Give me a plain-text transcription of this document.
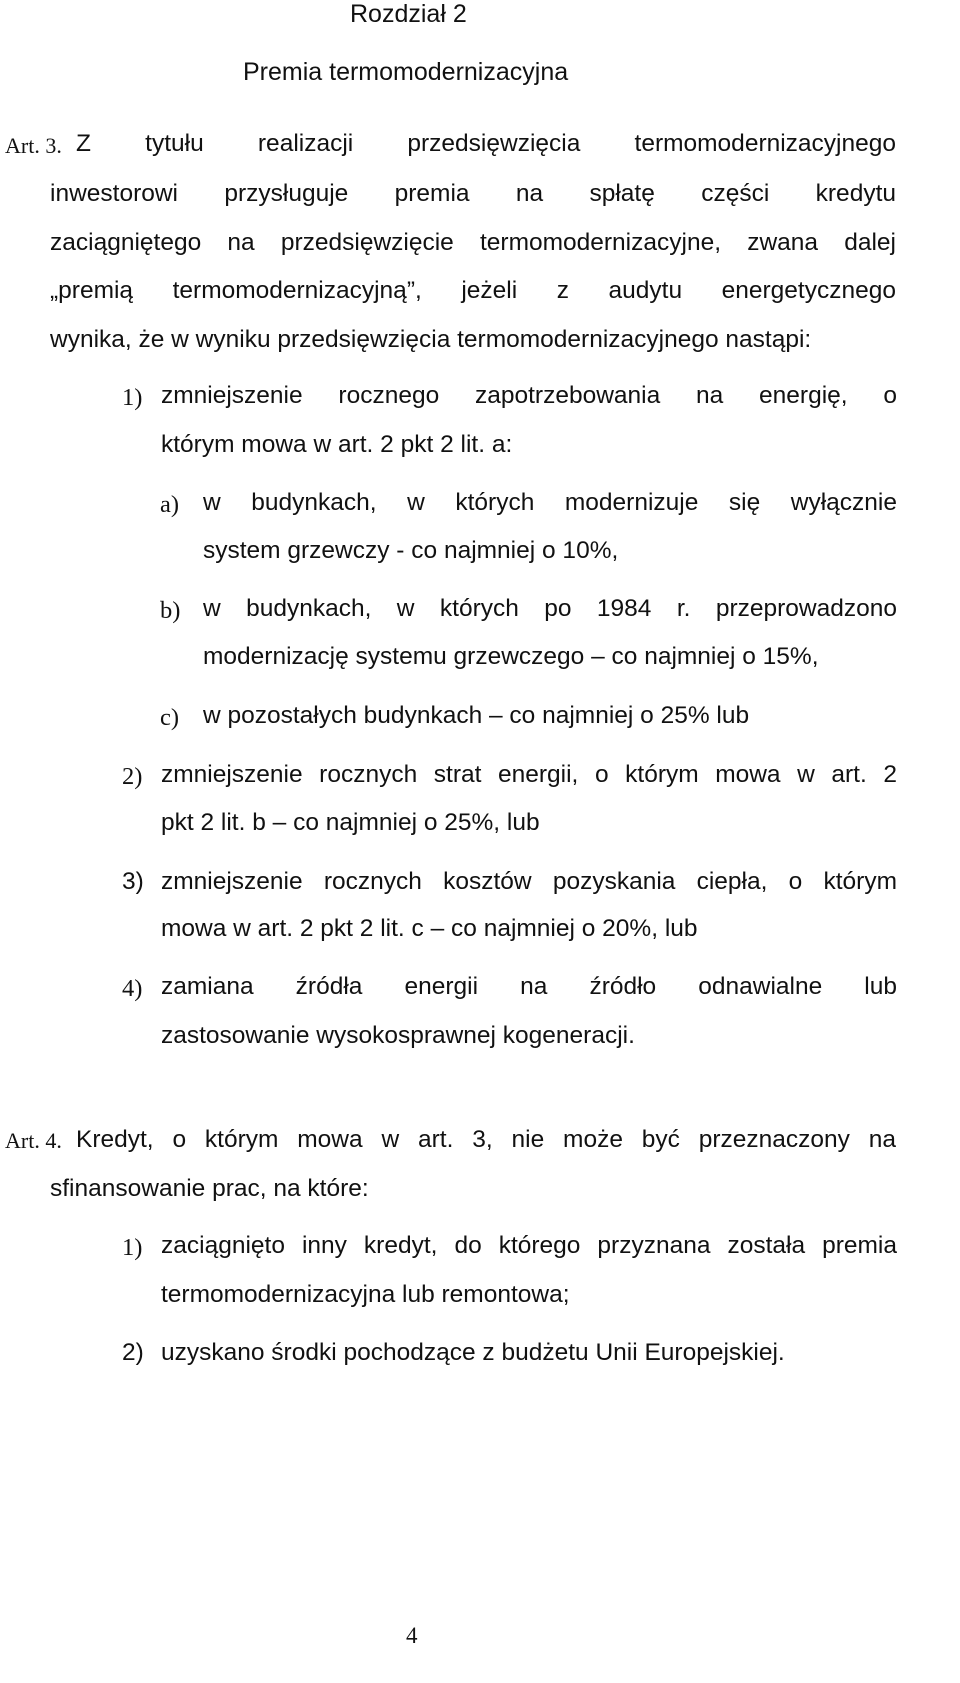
Rozdział 2
Premia termomodernizacyjna
Art. 3. Z tytułu realizacji przedsięwzięcia termomodernizacyjnego
inwestorowi przysługuje premia na spłatę części kredytu
zaciągniętego na przedsięwzięcie termomodernizacyjne, zwana dalej
„premią termomodernizacyjną”, jeżeli z audytu energetycznego
wynika, że w wyniku przedsięwzięcia termomodernizacyjnego nastąpi:
1) zmniejszenie rocznego zapotrzebowania na energię, o
którym mowa w art. 2 pkt 2 lit. a:
a) w budynkach, w których modernizuje się wyłącznie
system grzewczy - co najmniej o 10%,
b) w budynkach, w których po 1984 r. przeprowadzono
modernizację systemu grzewczego – co najmniej o 15%,
c) w pozostałych budynkach – co najmniej o 25% lub
2) zmniejszenie rocznych strat energii, o którym mowa w art. 2
pkt 2 lit. b – co najmniej o 25%, lub
3) zmniejszenie rocznych kosztów pozyskania ciepła, o którym
mowa w art. 2 pkt 2 lit. c – co najmniej o 20%, lub
4) zamiana źródła energii na źródło odnawialne lub
zastosowanie wysokosprawnej kogeneracji.
Art. 4. Kredyt, o którym mowa w art. 3, nie może być przeznaczony na
sfinansowanie prac, na które:
1) zaciągnięto inny kredyt, do którego przyznana została premia
termomodernizacyjna lub remontowa;
2) uzyskano środki pochodzące z budżetu Unii Europejskiej.
4
